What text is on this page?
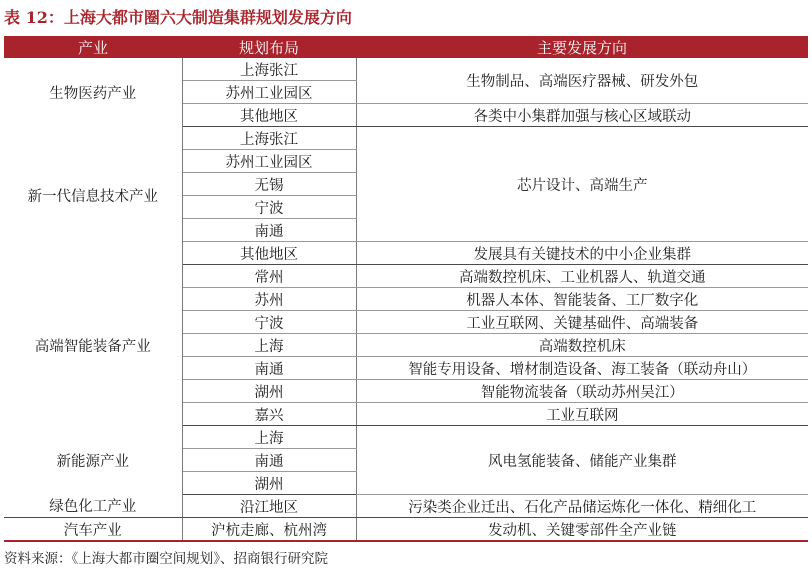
表 12：上海大都市圈六大制造集群规划发展方向
产业	规划布局	主要发展方向
生物医药产业	上海张江	生物制品、高端医疗器械、研发外包
	苏州工业园区	
	其他地区	各类中小集群加强与核心区域联动
新一代信息技术产业	上海张江	芯片设计、高端生产
	苏州工业园区	
	无锡	
	宁波	
	南通	
	其他地区	发展具有关键技术的中小企业集群
高端智能装备产业	常州	高端数控机床、工业机器人、轨道交通
	苏州	机器人本体、智能装备、工厂数字化
	宁波	工业互联网、关键基础件、高端装备
	上海	高端数控机床
	南通	智能专用设备、增材制造设备、海工装备（联动舟山）
	湖州	智能物流装备（联动苏州吴江）
	嘉兴	工业互联网
新能源产业	上海	风电氢能装备、储能产业集群
	南通	
	湖州	
绿色化工产业	沿江地区	污染类企业迁出、石化产品储运炼化一体化、精细化工
汽车产业	沪杭走廊、杭州湾	发动机、关键零部件全产业链
资料来源：《上海大都市圈空间规划》、招商银行研究院
